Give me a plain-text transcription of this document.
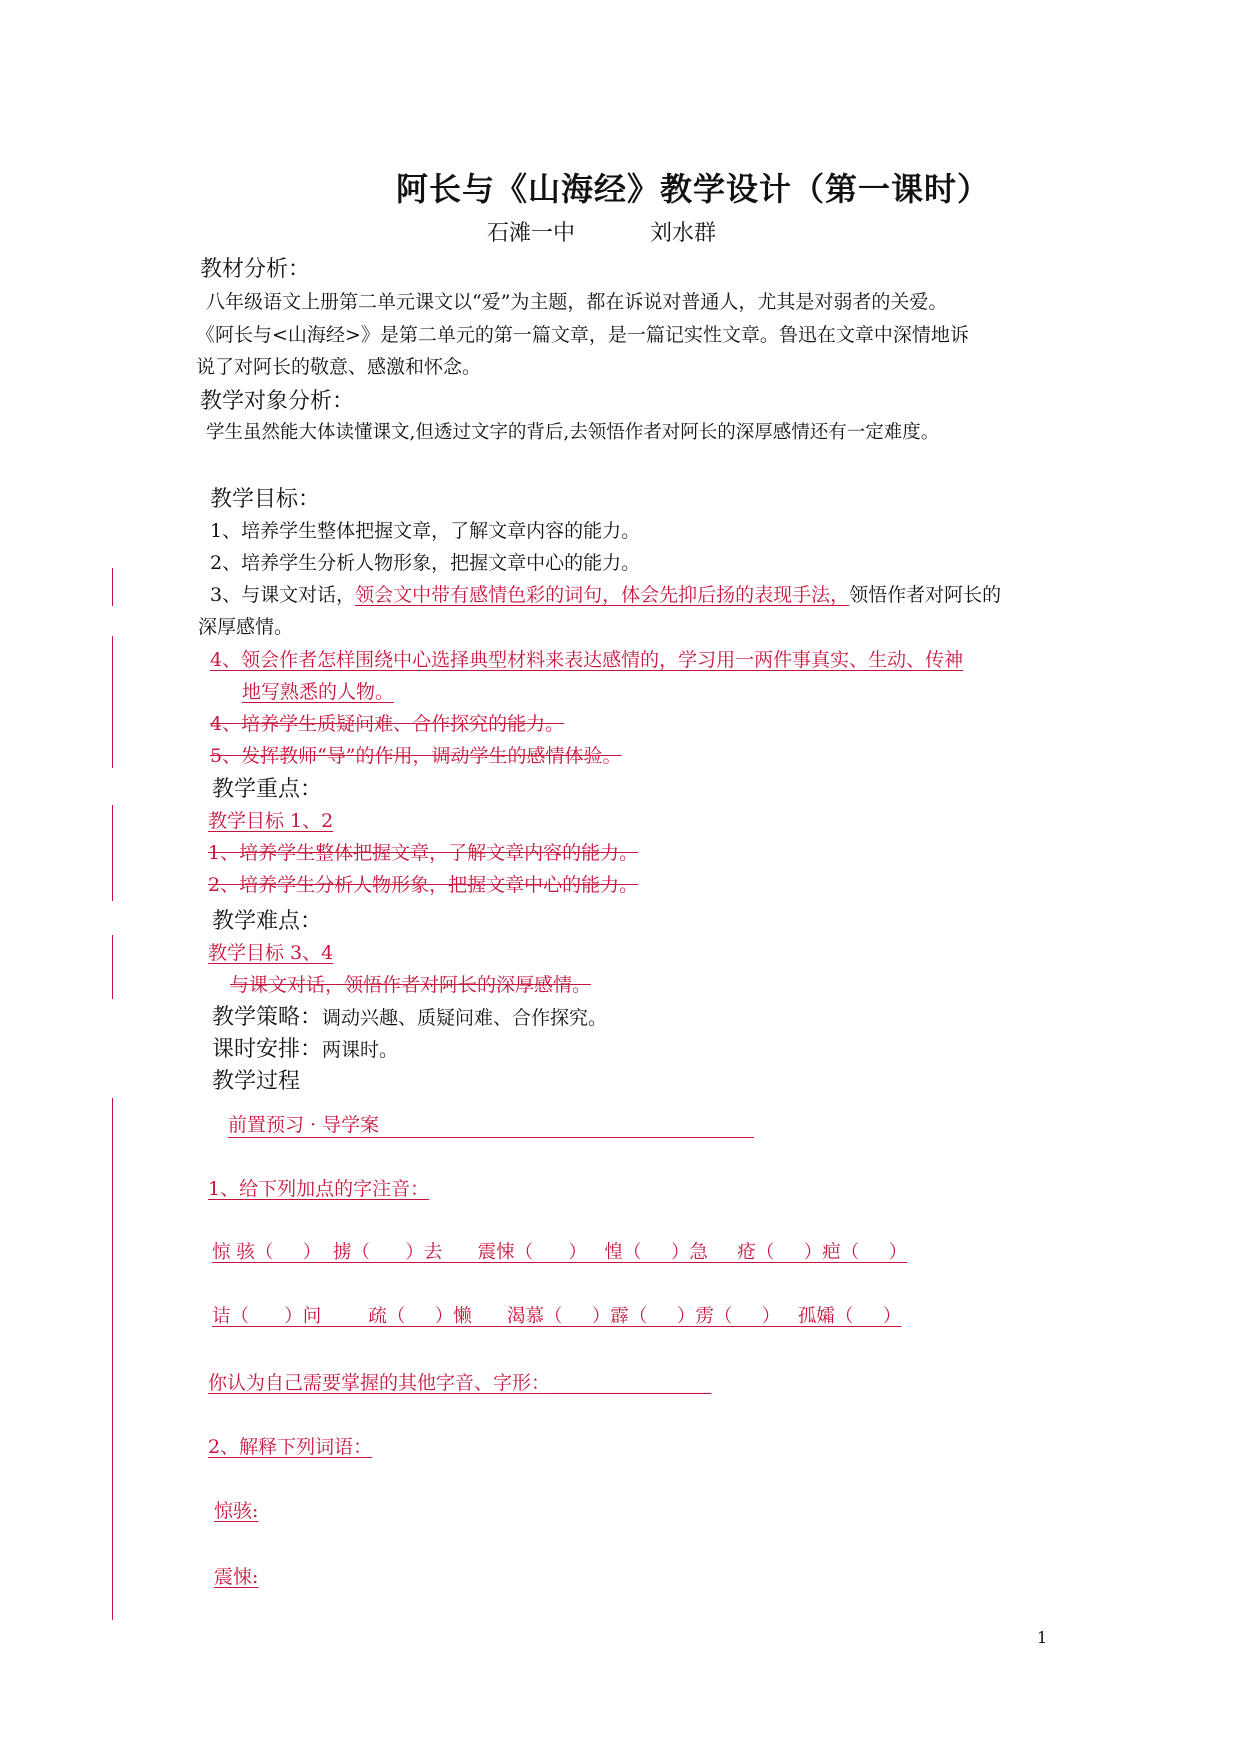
阿长与《山海经》教学设计（第一课时）
石滩一中	刘水群
教材分析：
八年级语文上册第二单元课文以“爱”为主题，都在诉说对普通人，尤其是对弱者的关爱。
《阿长与<山海经>》是第二单元的第一篇文章，是一篇记实性文章。鲁迅在文章中深情地诉
说了对阿长的敬意、感激和怀念。
教学对象分析：
学生虽然能大体读懂课文,但透过文字的背后,去领悟作者对阿长的深厚感情还有一定难度。
教学目标：
1、培养学生整体把握文章，了解文章内容的能力。
2、培养学生分析人物形象，把握文章中心的能力。
3、与课文对话，领会文中带有感情色彩的词句，体会先抑后扬的表现手法，领悟作者对阿长的
深厚感情。
4、领会作者怎样围绕中心选择典型材料来表达感情的，学习用一两件事真实、生动、传神
地写熟悉的人物。
4、培养学生质疑问难、合作探究的能力。
5、发挥教师“导”的作用，调动学生的感情体验。
教学重点：
教学目标 1、2
1、培养学生整体把握文章，了解文章内容的能力。
2、培养学生分析人物形象，把握文章中心的能力。
教学难点：
教学目标 3、4
与课文对话，领悟作者对阿长的深厚感情。
教学策略：调动兴趣、质疑问难、合作探究。
课时安排：两课时。
教学过程
前置预习 · 导学案
1、给下列加点的字注音：
惊 骇（     ）  掳（      ）去      震悚（      ）   惶（     ）急     疮（     ）疤（     ）
诘（      ）问        疏（     ）懒      渴慕（     ）霹（     ）雳（     ）   孤孀（     ）
你认为自己需要掌握的其他字音、字形：_________________
2、解释下列词语：
惊骇:
震悚:
1
